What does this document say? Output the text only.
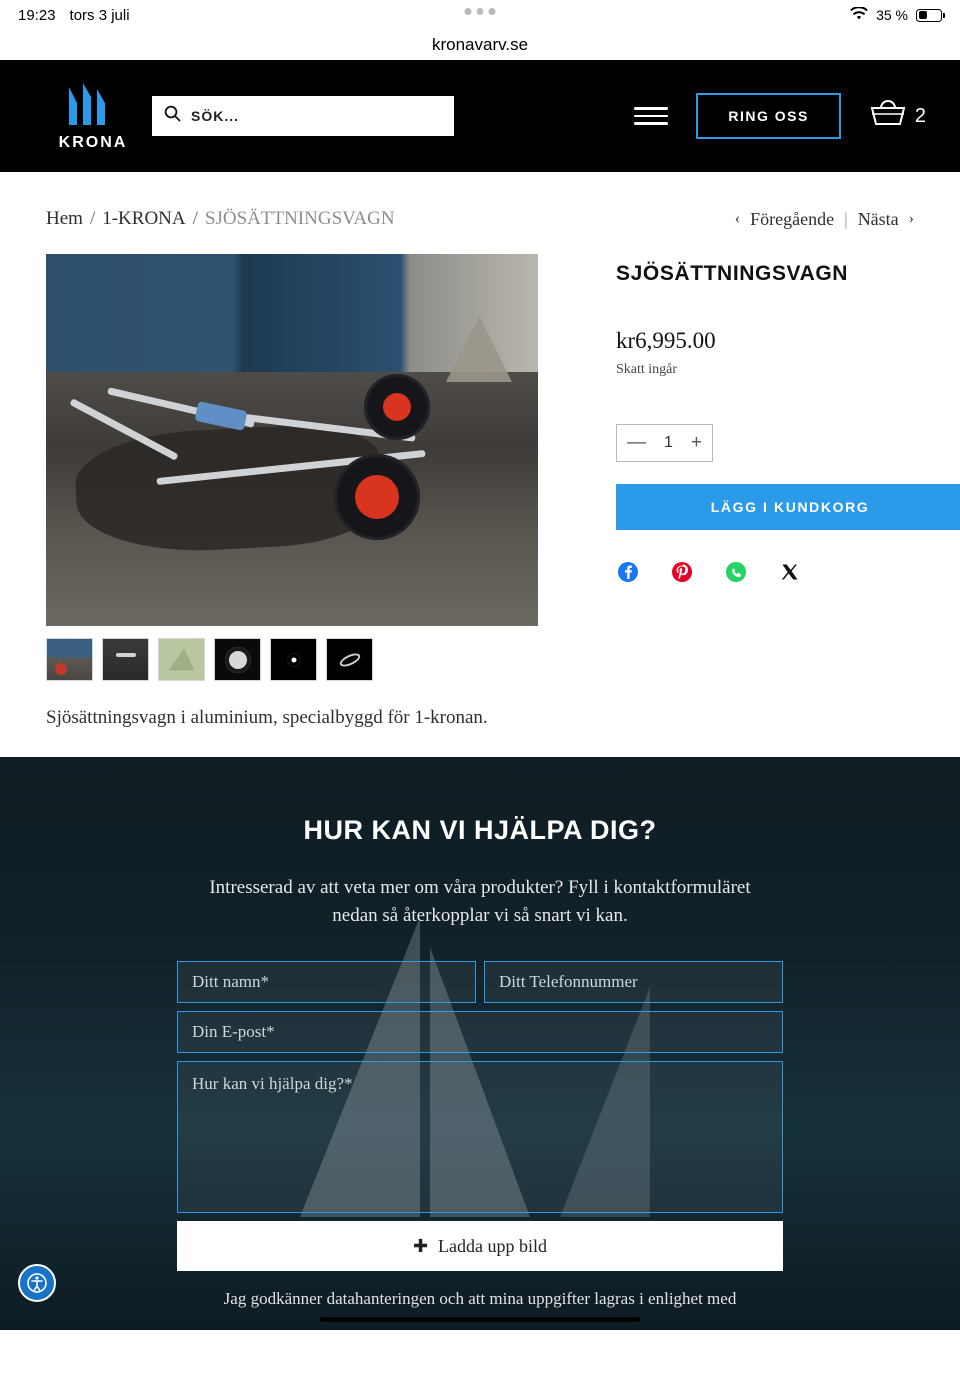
19:23 tors 3 juli	35 %
kronavarv.se
KRONA
SÖK...
RING OSS	2
Hem / 1-KRONA / SJÖSÄTTNINGSVAGN	‹ Föregående | Nästa ›
SJÖSÄTTNINGSVAGN
kr6,995.00
Skatt ingår
— 1 +
LÄGG I KUNDKORG
Sjösättningsvagn i aluminium, specialbyggd för 1-kronan.
HUR KAN VI HJÄLPA DIG?
Intresserad av att veta mer om våra produkter? Fyll i kontaktformuläret nedan så återkopplar vi så snart vi kan.
Ditt namn*	Ditt Telefonnummer
Din E-post*
Hur kan vi hjälpa dig?*
✚ Ladda upp bild
Jag godkänner datahanteringen och att mina uppgifter lagras i enlighet med
